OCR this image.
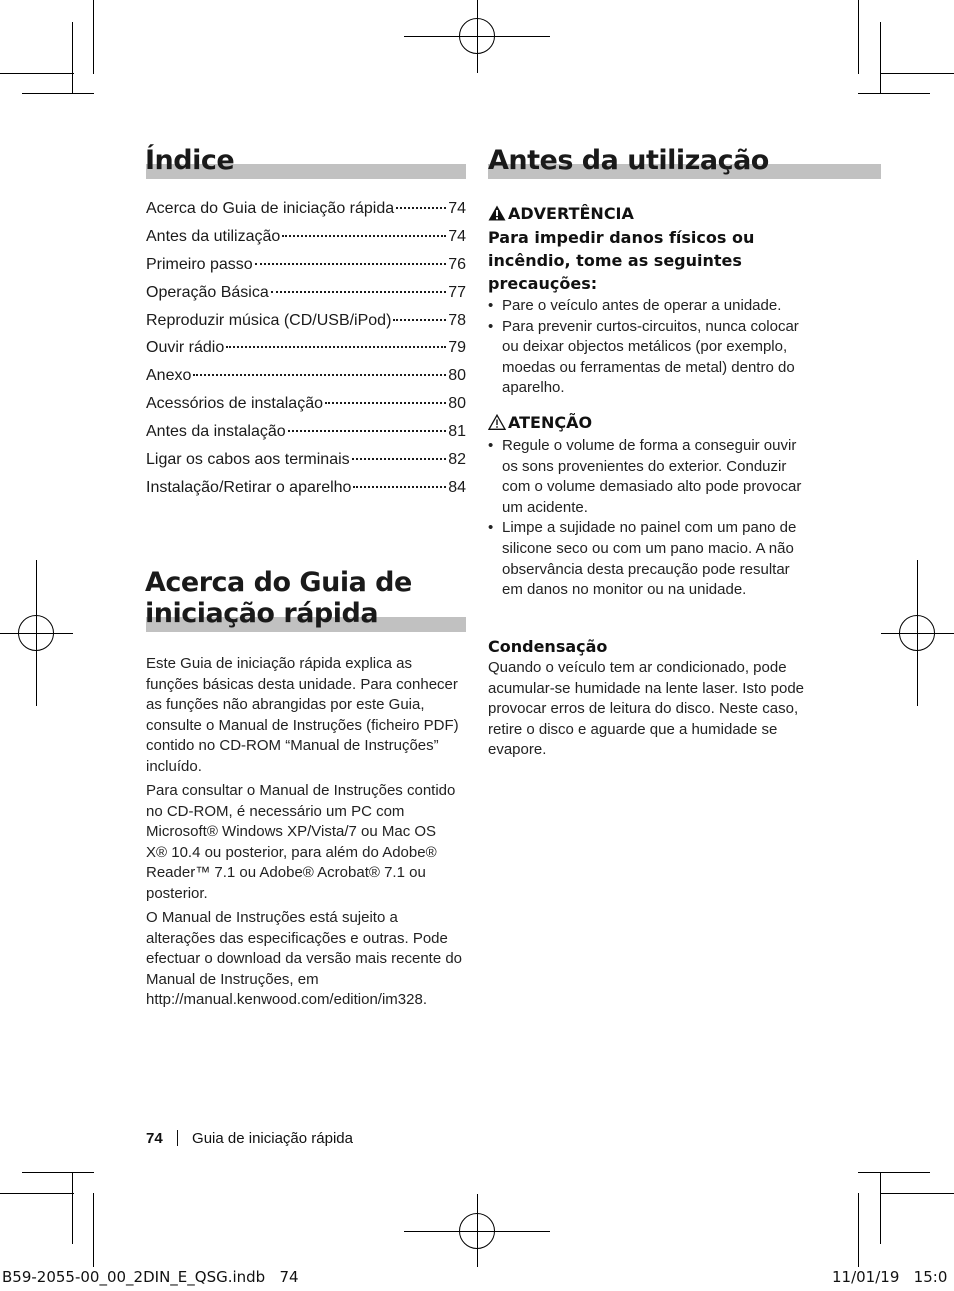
Índice
Acerca do Guia de iniciação rápida	74
Antes da utilização	74
Primeiro passo	76
Operação Básica	77
Reproduzir música (CD/USB/iPod)	78
Ouvir rádio	79
Anexo	80
Acessórios de instalação	80
Antes da instalação	81
Ligar os cabos aos terminais	82
Instalação/Retirar o aparelho	84
Acerca do Guia de
iniciação rápida

Este Guia de iniciação rápida explica as funções básicas desta unidade. Para conhecer as funções não abrangidas por este Guia, consulte o Manual de Instruções (ficheiro PDF) contido no CD-ROM “Manual de Instruções” incluído.

Para consultar o Manual de Instruções contido no CD-ROM, é necessário um PC com Microsoft® Windows XP/Vista/7 ou Mac OS X® 10.4 ou posterior, para além do Adobe® Reader™ 7.1 ou Adobe® Acrobat® 7.1 ou posterior.

O Manual de Instruções está sujeito a alterações das especificações e outras. Pode efectuar o download da versão mais recente do Manual de Instruções, em http://manual.kenwood.com/edition/im328.

Antes da utilização
ADVERTÊNCIA

Para impedir danos físicos ou incêndio, tome as seguintes precauções:

• Pare o veículo antes de operar a unidade.
• Para prevenir curtos-circuitos, nunca colocar ou deixar objectos metálicos (por exemplo, moedas ou ferramentas de metal) dentro do aparelho.
ATENÇÃO
• Regule o volume de forma a conseguir ouvir os sons provenientes do exterior. Conduzir com o volume demasiado alto pode provocar um acidente.
• Limpe a sujidade no painel com um pano de silicone seco ou com um pano macio. A não observância desta precaução pode resultar em danos no monitor ou na unidade.

Condensação

Quando o veículo tem ar condicionado, pode acumular-se humidade na lente laser. Isto pode provocar erros de leitura do disco. Neste caso, retire o disco e aguarde que a humidade se evapore.

74 Guia de iniciação rápida
B59-2055-00_00_2DIN_E_QSG.indb   74	11/01/19   15:0
